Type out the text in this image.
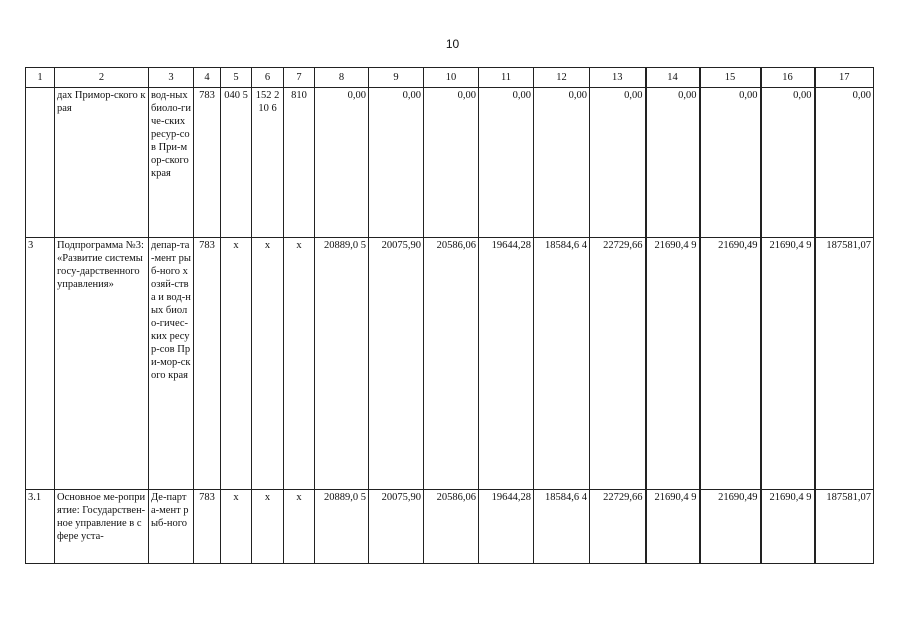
10
1	2	3	4	5	6	7	8	9	10	11	12	13	14	15	16	17
	дах Примор-ского края	вод-ных биоло-гиче-ских ресур-сов При-мор-ского края	783	040 5	152 210 6	810	0,00	0,00	0,00	0,00	0,00	0,00	0,00	0,00	0,00	0,00
3	Подпрограмма №3: «Развитие системы госу-дарственного управления»	депар-та-мент рыб-ного хозяй-ства и вод-ных биоло-гичес-ких ресур-сов При-мор-ского края	783	х	х	х	20889,0 5	20075,90	20586,06	19644,28	18584,6 4	22729,66	21690,4 9	21690,49	21690,4 9	187581,07
3.1	Основное ме-роприятие: Государствен-ное управление в сфере уста-	Де-парта-мент рыб-ного	783	х	х	х	20889,0 5	20075,90	20586,06	19644,28	18584,6 4	22729,66	21690,4 9	21690,49	21690,4 9	187581,07
